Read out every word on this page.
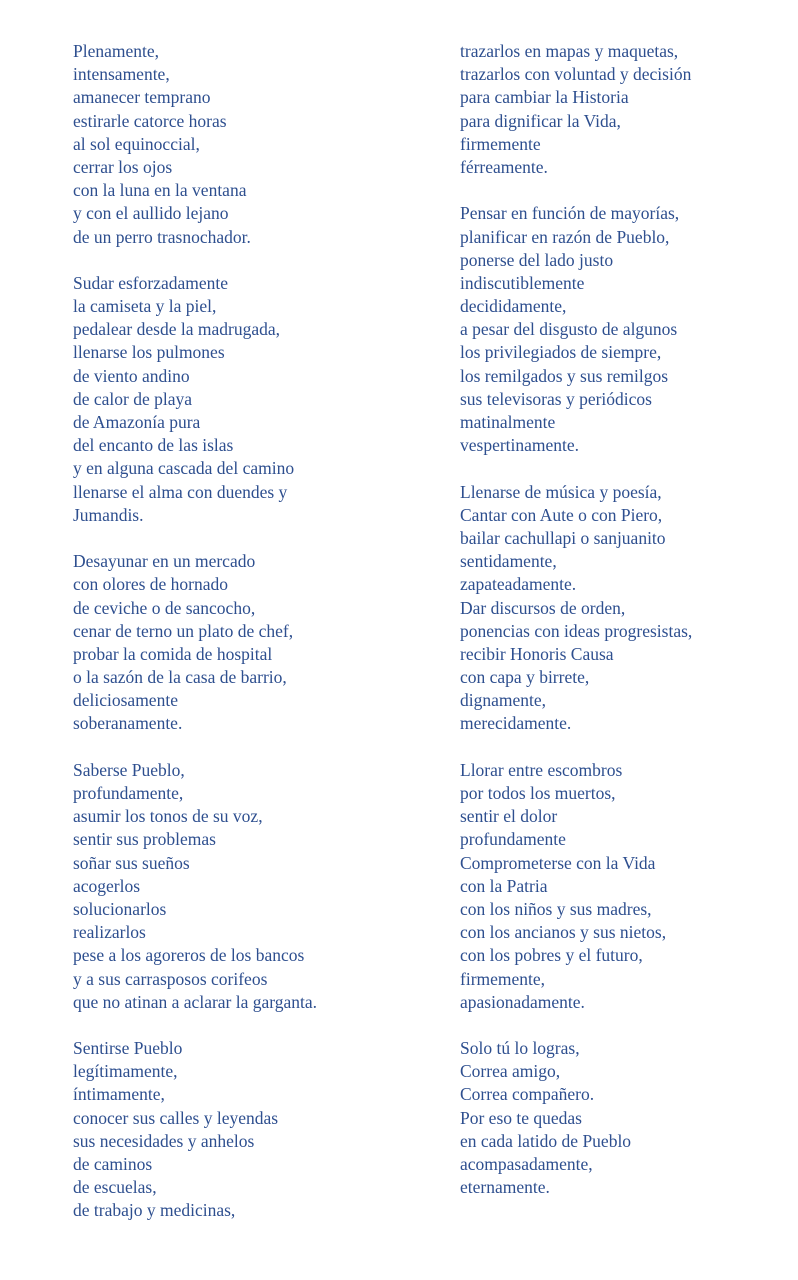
Plenamente,
intensamente,
amanecer temprano
estirarle catorce horas
al sol equinoccial,
cerrar los ojos
con la luna en la ventana
y con el aullido lejano
de un perro trasnochador.
Sudar esforzadamente
la camiseta y la piel,
pedalear desde la madrugada,
llenarse los pulmones
de viento andino
de calor de playa
de Amazonía pura
del encanto de las islas
y en alguna cascada del camino
llenarse el alma con duendes y
Jumandis.
Desayunar en un mercado
con olores de hornado
de ceviche o de sancocho,
cenar de terno un plato de chef,
probar la comida de hospital
o la sazón de la casa de barrio,
deliciosamente
soberanamente.
Saberse Pueblo,
profundamente,
asumir los tonos de su voz,
sentir sus problemas
soñar sus sueños
acogerlos
solucionarlos
realizarlos
pese a los agoreros de los bancos
y a sus carrasposos corifeos
que no atinan a aclarar la garganta.
Sentirse Pueblo
legítimamente,
íntimamente,
conocer sus calles y leyendas
sus necesidades y anhelos
de caminos
de escuelas,
de trabajo y medicinas,
trazarlos en mapas y maquetas,
trazarlos con voluntad y decisión
para cambiar la Historia
para dignificar la Vida,
firmemente
férreamente.
Pensar en función de mayorías,
planificar en razón de Pueblo,
ponerse del lado justo
indiscutiblemente
decididamente,
a pesar del disgusto de algunos
los privilegiados de siempre,
los remilgados y sus remilgos
sus televisoras y periódicos
matinalmente
vespertinamente.
Llenarse de música y poesía,
Cantar con Aute o con Piero,
bailar cachullapi o sanjuanito
sentidamente,
zapateadamente.
Dar discursos de orden,
ponencias con ideas progresistas,
recibir Honoris Causa
con capa y birrete,
dignamente,
merecidamente.
Llorar entre escombros
por todos los muertos,
sentir el dolor
profundamente
Comprometerse con la Vida
con la Patria
con los niños y sus madres,
con los ancianos y sus nietos,
con los pobres y el futuro,
firmemente,
apasionadamente.
Solo tú lo logras,
Correa amigo,
Correa compañero.
Por eso te quedas
en cada latido de Pueblo
acompasadamente,
eternamente.
